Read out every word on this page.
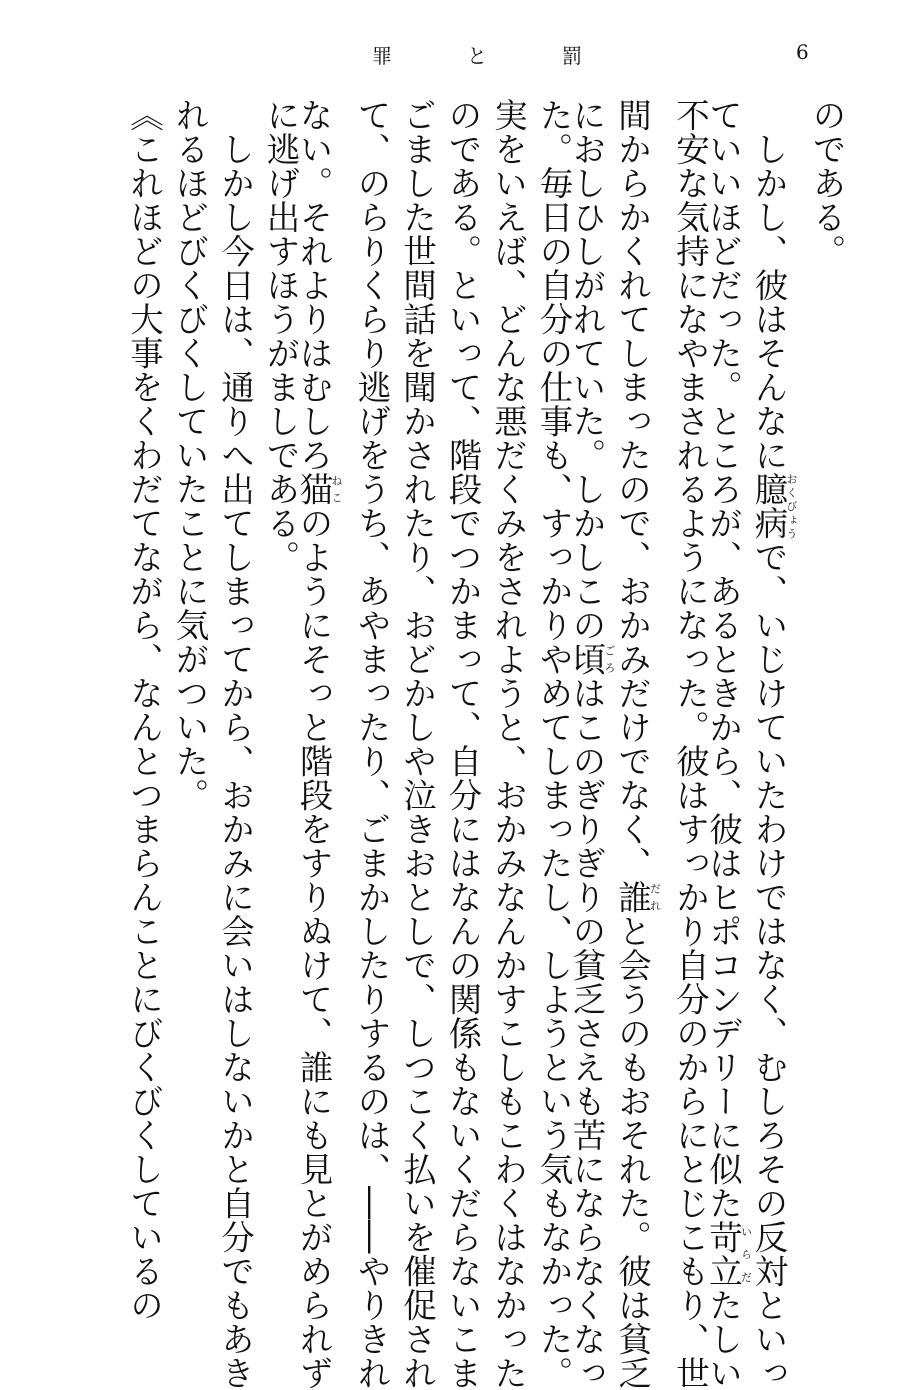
罪	と	罰	6
のである。
　しかし、彼はそんなに臆病おくびょうで、いじけていたわけではなく、むしろその反対といっ
ていいほどだった。ところが、あるときから、彼はヒポコンデリーに似た苛立いらだたしい
不安な気持になやまされるようになった。彼はすっかり自分のからにとじこもり、世
間からかくれてしまったので、おかみだけでなく、誰だれと会うのもおそれた。彼は貧乏
におしひしがれていた。しかしこの頃ごろはこのぎりぎりの貧乏さえも苦にならなくなっ
た。毎日の自分の仕事も、すっかりやめてしまったし、しようという気もなかった。
実をいえば、どんな悪だくみをされようと、おかみなんかすこしもこわくはなかった
のである。といって、階段でつかまって、自分にはなんの関係もないくだらないこま
ごました世間話を聞かされたり、おどかしや泣きおとしで、しつこく払いを催促され
て、のらりくらり逃げをうち、あやまったり、ごまかしたりするのは、――やりきれ
ない。それよりはむしろ猫ねこのようにそっと階段をすりぬけて、誰にも見とがめられず
に逃げ出すほうがましである。
　しかし今日は、通りへ出てしまってから、おかみに会いはしないかと自分でもあき
れるほどびくびくしていたことに気がついた。
《これほどの大事をくわだてながら、なんとつまらんことにびくびくしているの
